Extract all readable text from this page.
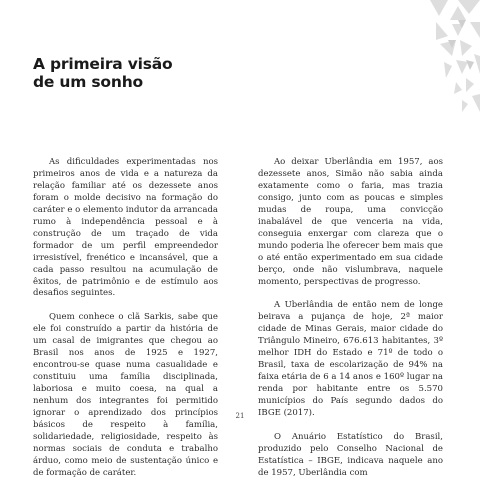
A primeira visão
de um sonho

As dificuldades experimentadas nos primeiros anos de vida e a natureza da relação familiar até os dezessete anos foram o molde decisivo na formação do caráter e o elemento indutor da arrancada rumo à independência pessoal e à construção de um traçado de vida formador de um perfil empreendedor irresistível, frenético e incansável, que a cada passo resultou na acumulação de êxitos, de patrimônio e de estímulo aos desafios seguintes.

Quem conhece o clã Sarkis, sabe que ele foi construído a partir da história de um casal de imigrantes que chegou ao Brasil nos anos de 1925 e 1927, encontrou-se quase numa casualidade e constituiu uma família disciplinada, laboriosa e muito coesa, na qual a nenhum dos integrantes foi permitido ignorar o aprendizado dos princípios básicos de respeito à família, solidariedade, religiosidade, respeito às normas sociais de conduta e trabalho árduo, como meio de sustentação único e de formação de caráter.

Ao deixar Uberlândia em 1957, aos dezessete anos, Simão não sabia ainda exatamente como o faria, mas trazia consigo, junto com as poucas e simples mudas de roupa, uma convicção inabalável de que venceria na vida, conseguia enxergar com clareza que o mundo poderia lhe oferecer bem mais que o até então experimentado em sua cidade berço, onde não vislumbrava, naquele momento, perspectivas de progresso.

A Uberlândia de então nem de longe beirava a pujança de hoje, 2ª maior cidade de Minas Gerais, maior cidade do Triângulo Mineiro, 676.613 habitantes, 3º melhor IDH do Estado e 71º de todo o Brasil, taxa de escolarização de 94% na faixa etária de 6 a 14 anos e 160º lugar na renda por habitante entre os 5.570 municípios do País segundo dados do IBGE (2017).

O Anuário Estatístico do Brasil, produzido pelo Conselho Nacional de Estatística – IBGE, indicava naquele ano de 1957, Uberlândia com

21
